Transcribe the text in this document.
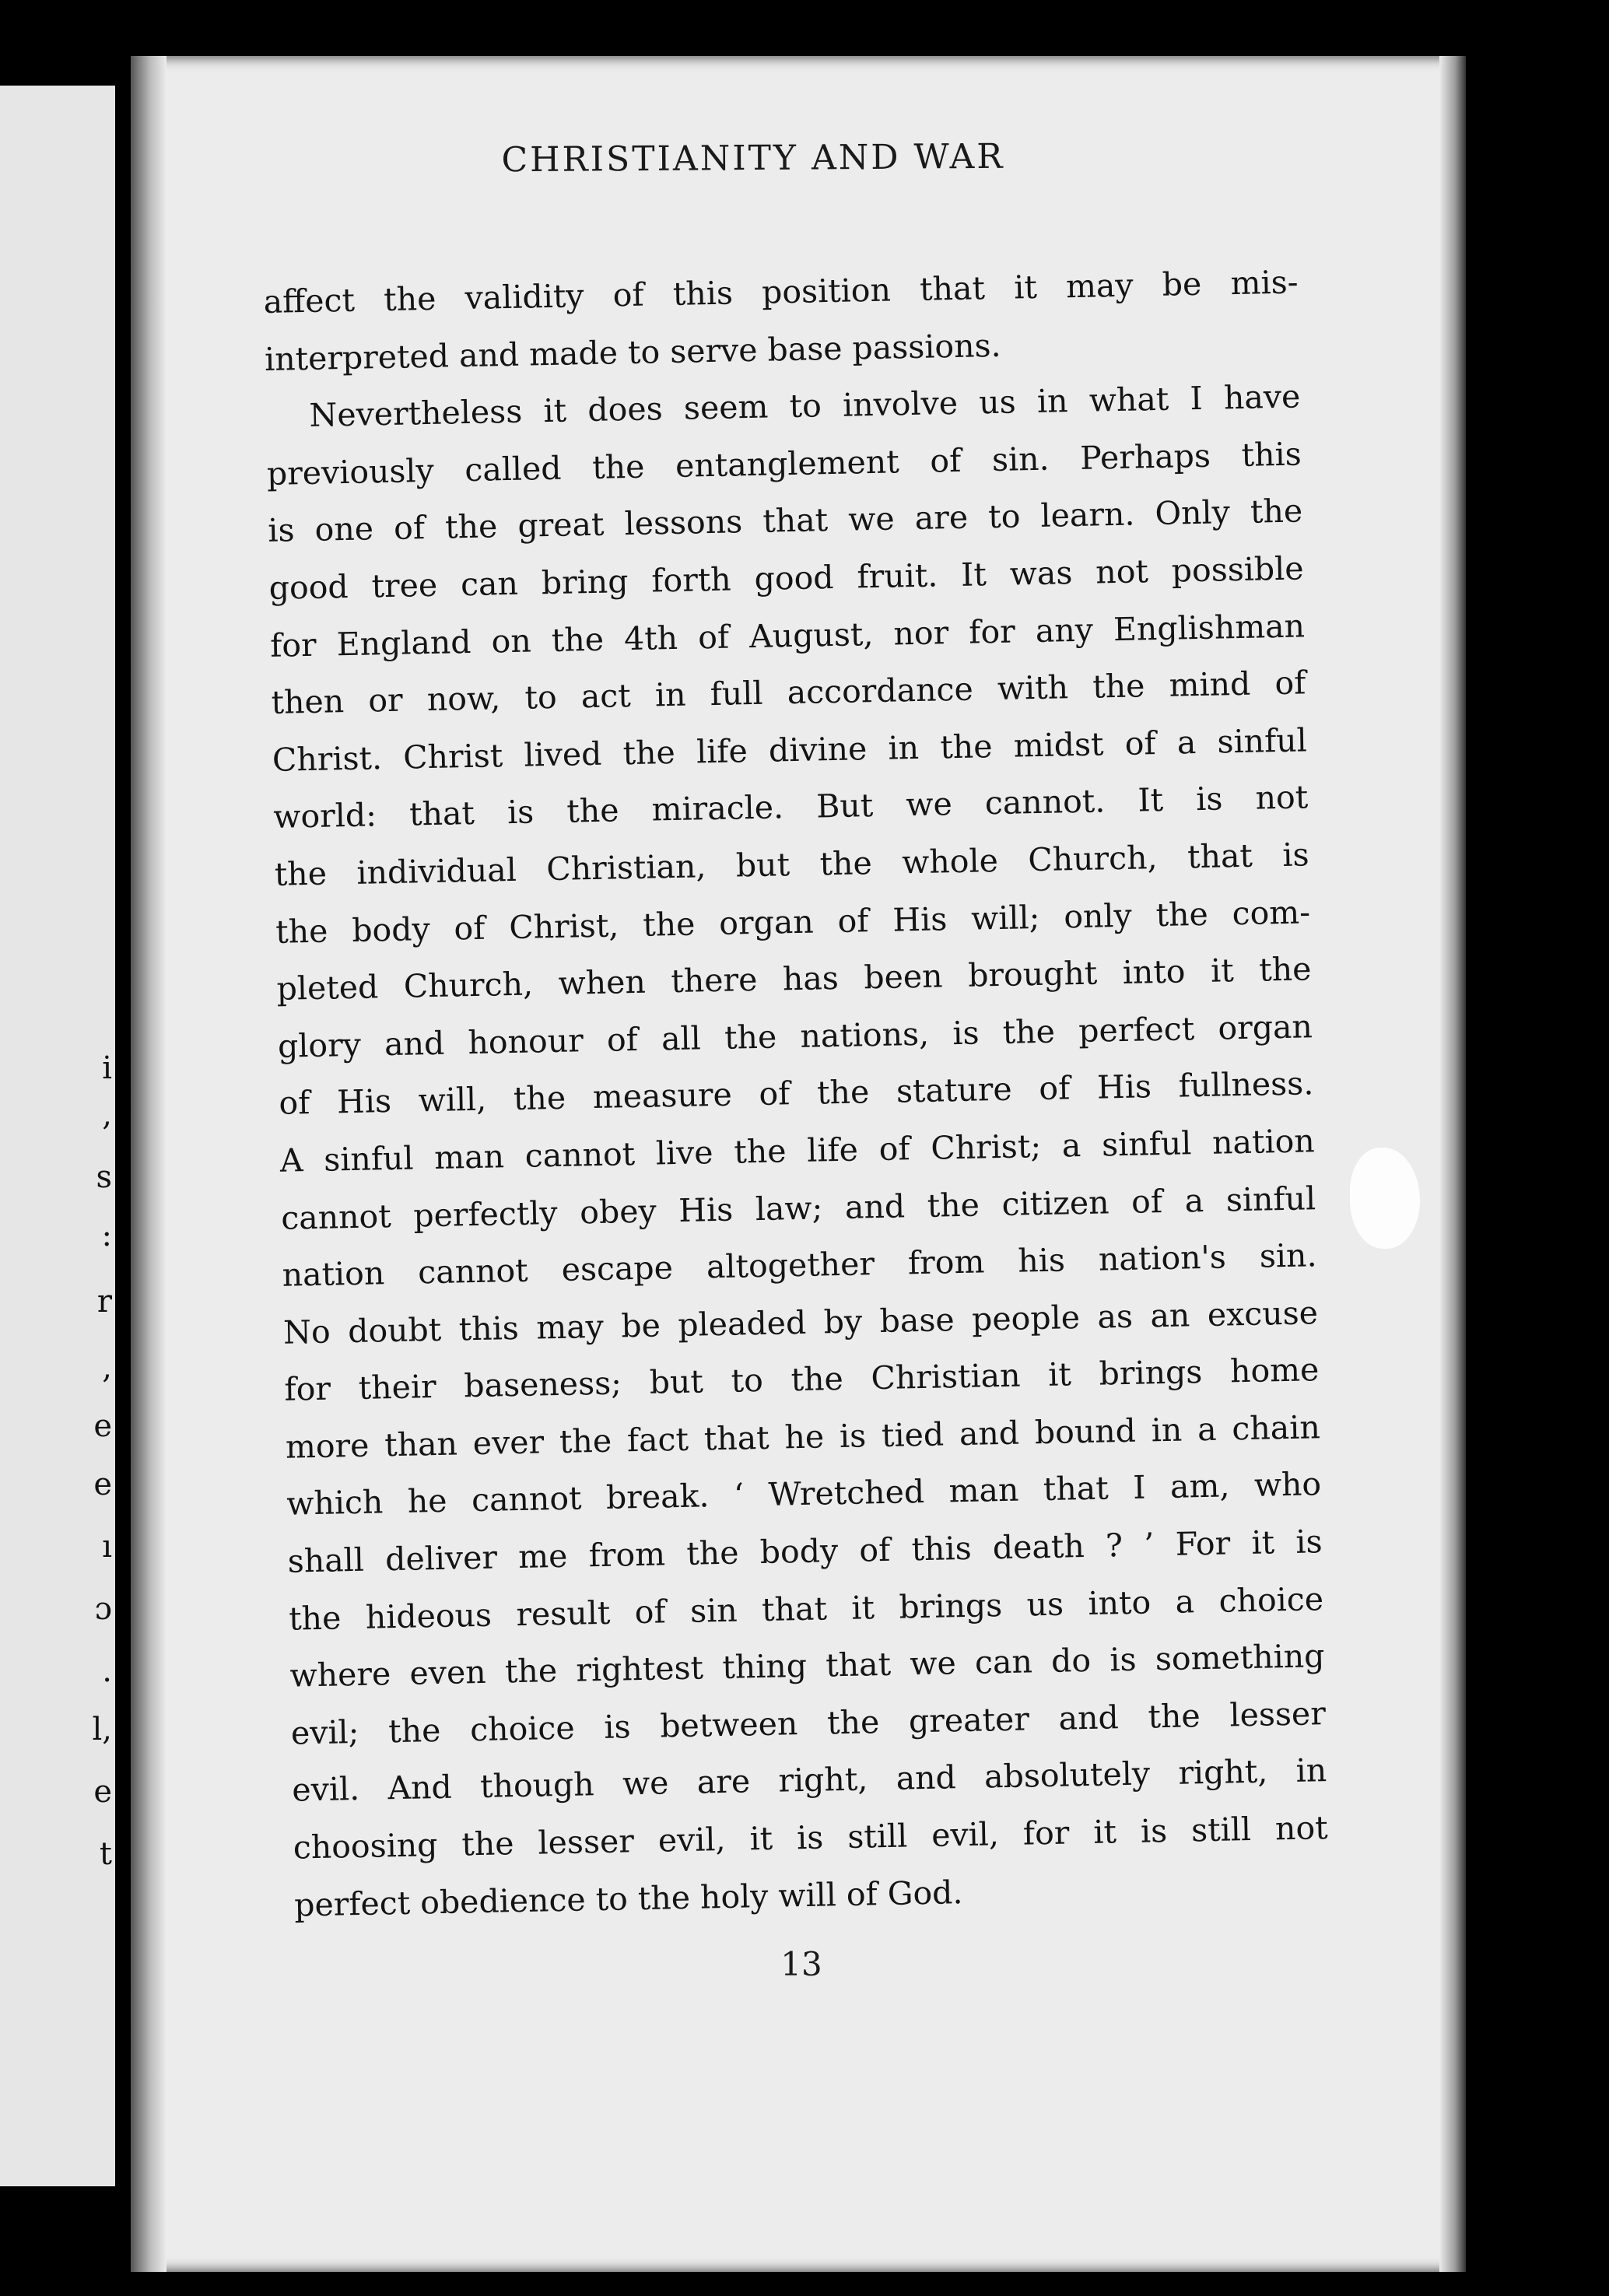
i
,
s
:
r
,
e
e
ı
ɔ
.
l,
e
t
CHRISTIANITY AND WAR
affect the validity of this position that it may be mis-
interpreted and made to serve base passions.
Nevertheless it does seem to involve us in what I have
previously called the entanglement of sin. Perhaps this
is one of the great lessons that we are to learn. Only the
good tree can bring forth good fruit. It was not possible
for England on the 4th of August, nor for any Englishman
then or now, to act in full accordance with the mind of
Christ. Christ lived the life divine in the midst of a sinful
world: that is the miracle. But we cannot. It is not
the individual Christian, but the whole Church, that is
the body of Christ, the organ of His will; only the com-
pleted Church, when there has been brought into it the
glory and honour of all the nations, is the perfect organ
of His will, the measure of the stature of His fullness.
A sinful man cannot live the life of Christ; a sinful nation
cannot perfectly obey His law; and the citizen of a sinful
nation cannot escape altogether from his nation's sin.
No doubt this may be pleaded by base people as an excuse
for their baseness; but to the Christian it brings home
more than ever the fact that he is tied and bound in a chain
which he cannot break. ‘ Wretched man that I am, who
shall deliver me from the body of this death ? ’ For it is
the hideous result of sin that it brings us into a choice
where even the rightest thing that we can do is something
evil; the choice is between the greater and the lesser
evil. And though we are right, and absolutely right, in
choosing the lesser evil, it is still evil, for it is still not
perfect obedience to the holy will of God.
13
